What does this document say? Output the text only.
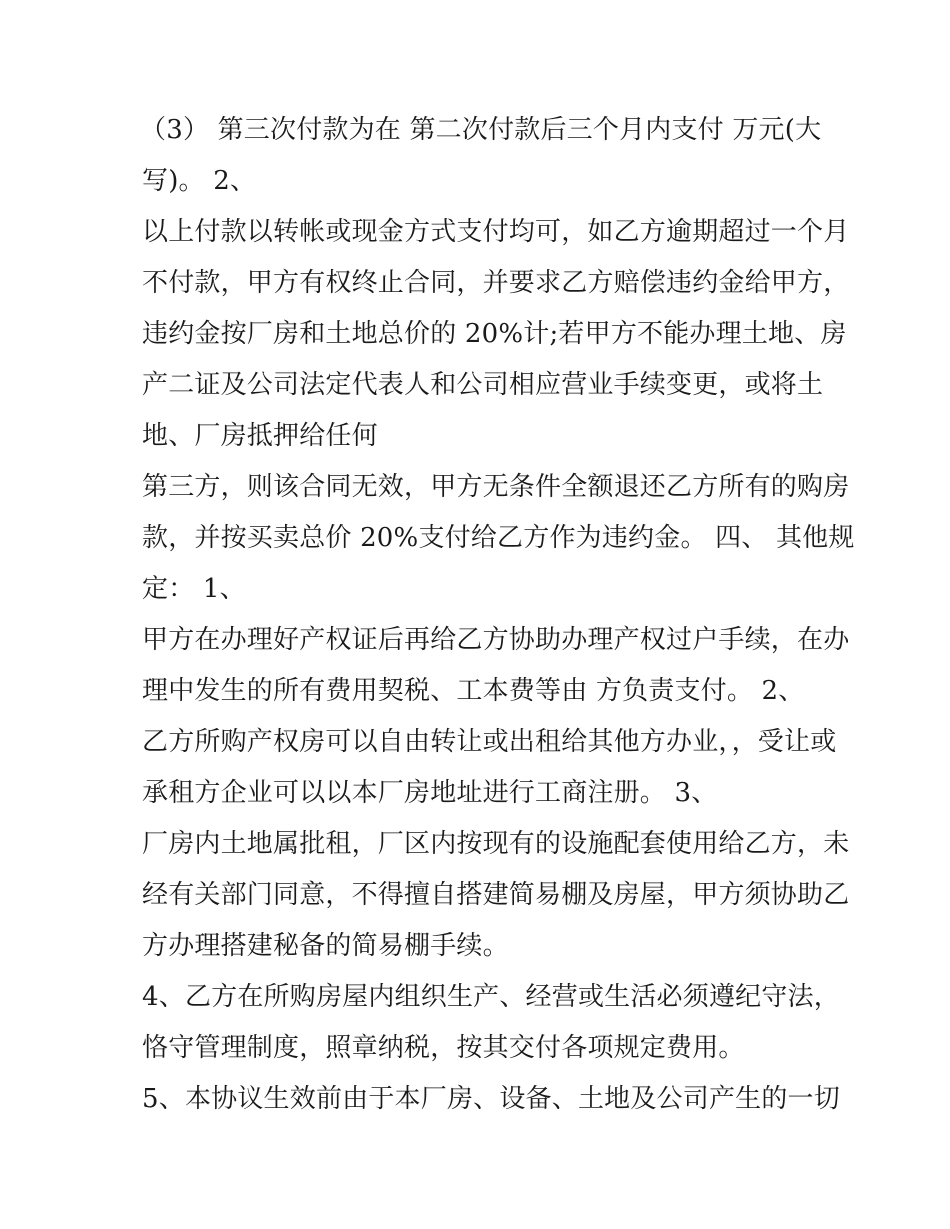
（3） 第三次付款为在 第二次付款后三个月内支付 万元(大
写)。 2、
以上付款以转帐或现金方式支付均可，如乙方逾期超过一个月
不付款，甲方有权终止合同，并要求乙方赔偿违约金给甲方，
违约金按厂房和土地总价的 20%计;若甲方不能办理土地、房
产二证及公司法定代表人和公司相应营业手续变更，或将土
地、厂房抵押给任何
第三方，则该合同无效，甲方无条件全额退还乙方所有的购房
款，并按买卖总价 20%支付给乙方作为违约金。 四、 其他规
定： 1、
甲方在办理好产权证后再给乙方协助办理产权过户手续，在办
理中发生的所有费用契税、工本费等由 方负责支付。 2、
乙方所购产权房可以自由转让或出租给其他方办业，，受让或
承租方企业可以以本厂房地址进行工商注册。 3、
厂房内土地属批租，厂区内按现有的设施配套使用给乙方，未
经有关部门同意，不得擅自搭建简易棚及房屋，甲方须协助乙
方办理搭建秘备的简易棚手续。
4、乙方在所购房屋内组织生产、经营或生活必须遵纪守法，
恪守管理制度，照章纳税，按其交付各项规定费用。
5、本协议生效前由于本厂房、设备、土地及公司产生的一切
